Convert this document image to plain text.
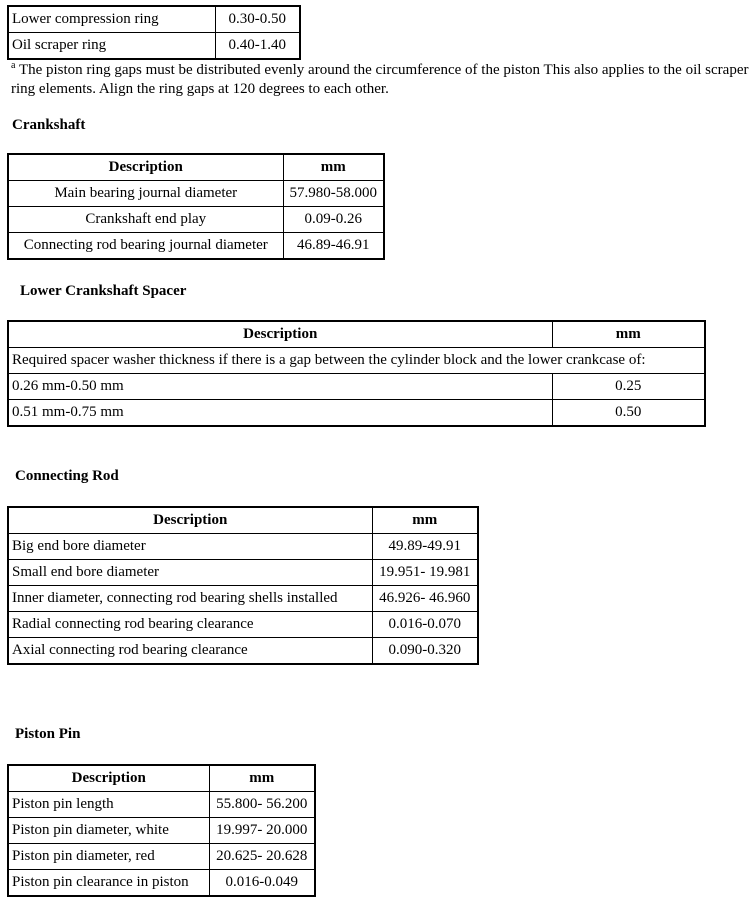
Lower compression ring	0.30-0.50
Oil scraper ring	0.40-1.40
$^a$ The piston ring gaps must be distributed evenly around the circumference of the piston This also applies to the oil scraper ring elements. Align the ring gaps at 120 degrees to each other.
Crankshaft
Description	mm
Main bearing journal diameter	57.980-58.000
Crankshaft end play	0.09-0.26
Connecting rod bearing journal diameter	46.89-46.91
Lower Crankshaft Spacer
Description	mm
Required spacer washer thickness if there is a gap between the cylinder block and the lower crankcase of:	
0.26 mm-0.50 mm	0.25
0.51 mm-0.75 mm	0.50
Connecting Rod
Description	mm
Big end bore diameter	49.89-49.91
Small end bore diameter	19.951- 19.981
Inner diameter, connecting rod bearing shells installed	46.926- 46.960
Radial connecting rod bearing clearance	0.016-0.070
Axial connecting rod bearing clearance	0.090-0.320
Piston Pin
Description	mm
Piston pin length	55.800- 56.200
Piston pin diameter, white	19.997- 20.000
Piston pin diameter, red	20.625- 20.628
Piston pin clearance in piston	0.016-0.049
